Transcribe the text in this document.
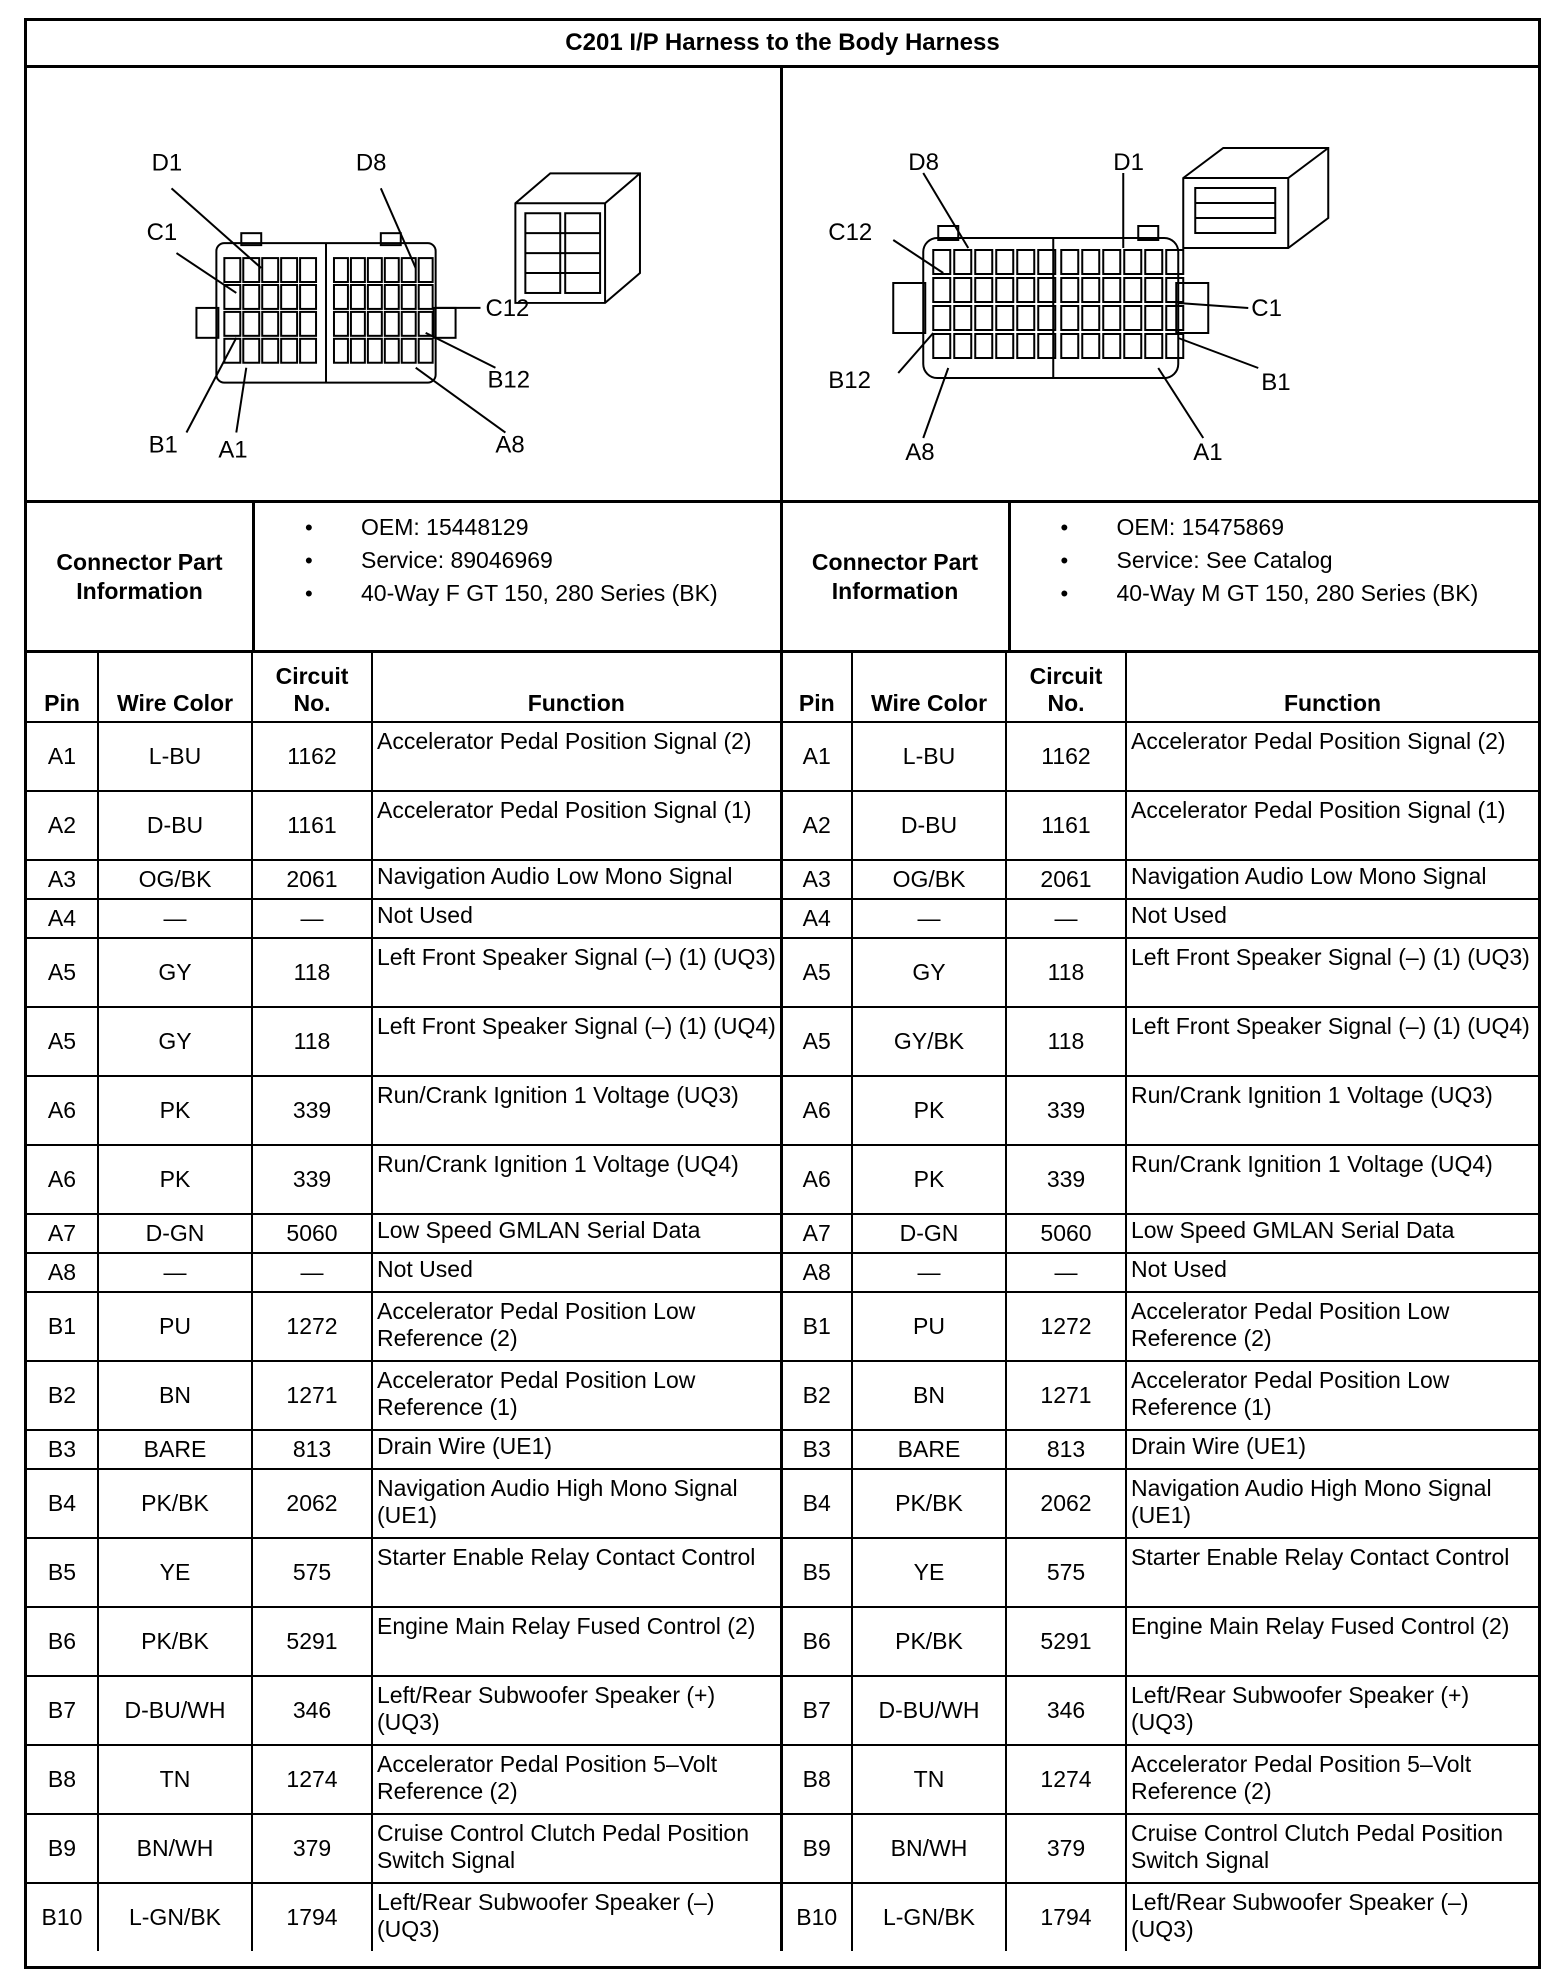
C201 I/P Harness to the Body Harness
D1	D8
C1
C12
B12
B1 A1	A8
D8	D1
C12
C1
B12	B1
A8	A1
Connector Part Information
• OEM: 15448129
• Service: 89046969
• 40-Way F GT 150, 280 Series (BK)
Connector Part Information
• OEM: 15475869
• Service: See Catalog
• 40-Way M GT 150, 280 Series (BK)
Pin	Wire Color	Circuit No.	Function	Pin	Wire Color	Circuit No.	Function
A1	L-BU	1162	Accelerator Pedal Position Signal (2)	A1	L-BU	1162	Accelerator Pedal Position Signal (2)
A2	D-BU	1161	Accelerator Pedal Position Signal (1)	A2	D-BU	1161	Accelerator Pedal Position Signal (1)
A3	OG/BK	2061	Navigation Audio Low Mono Signal	A3	OG/BK	2061	Navigation Audio Low Mono Signal
A4	—	—	Not Used	A4	—	—	Not Used
A5	GY	118	Left Front Speaker Signal (–) (1) (UQ3)	A5	GY	118	Left Front Speaker Signal (–) (1) (UQ3)
A5	GY	118	Left Front Speaker Signal (–) (1) (UQ4)	A5	GY/BK	118	Left Front Speaker Signal (–) (1) (UQ4)
A6	PK	339	Run/Crank Ignition 1 Voltage (UQ3)	A6	PK	339	Run/Crank Ignition 1 Voltage (UQ3)
A6	PK	339	Run/Crank Ignition 1 Voltage (UQ4)	A6	PK	339	Run/Crank Ignition 1 Voltage (UQ4)
A7	D-GN	5060	Low Speed GMLAN Serial Data	A7	D-GN	5060	Low Speed GMLAN Serial Data
A8	—	—	Not Used	A8	—	—	Not Used
B1	PU	1272	Accelerator Pedal Position Low Reference (2)	B1	PU	1272	Accelerator Pedal Position Low Reference (2)
B2	BN	1271	Accelerator Pedal Position Low Reference (1)	B2	BN	1271	Accelerator Pedal Position Low Reference (1)
B3	BARE	813	Drain Wire (UE1)	B3	BARE	813	Drain Wire (UE1)
B4	PK/BK	2062	Navigation Audio High Mono Signal (UE1)	B4	PK/BK	2062	Navigation Audio High Mono Signal (UE1)
B5	YE	575	Starter Enable Relay Contact Control	B5	YE	575	Starter Enable Relay Contact Control
B6	PK/BK	5291	Engine Main Relay Fused Control (2)	B6	PK/BK	5291	Engine Main Relay Fused Control (2)
B7	D-BU/WH	346	Left/Rear Subwoofer Speaker (+) (UQ3)	B7	D-BU/WH	346	Left/Rear Subwoofer Speaker (+) (UQ3)
B8	TN	1274	Accelerator Pedal Position 5–Volt Reference (2)	B8	TN	1274	Accelerator Pedal Position 5–Volt Reference (2)
B9	BN/WH	379	Cruise Control Clutch Pedal Position Switch Signal	B9	BN/WH	379	Cruise Control Clutch Pedal Position Switch Signal
B10	L-GN/BK	1794	Left/Rear Subwoofer Speaker (–) (UQ3)	B10	L-GN/BK	1794	Left/Rear Subwoofer Speaker (–) (UQ3)
